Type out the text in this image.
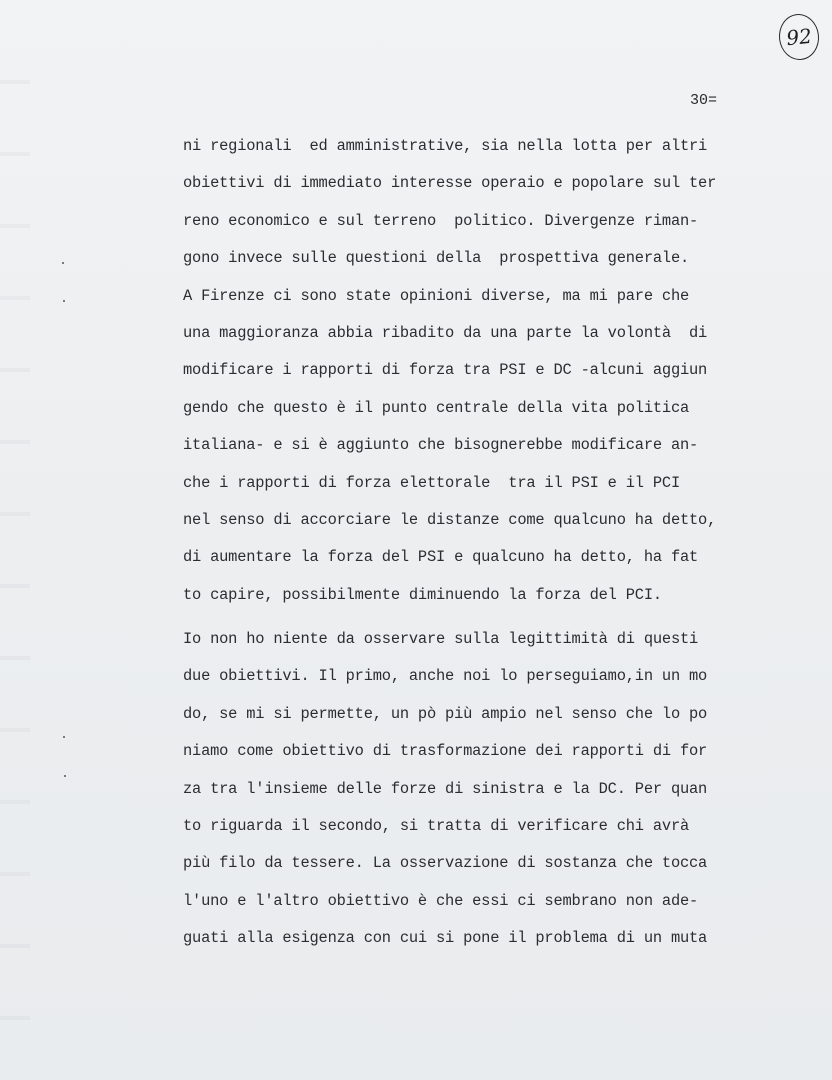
92
30=
ni regionali  ed amministrative, sia nella lotta per altri
obiettivi di immediato interesse operaio e popolare sul ter
reno economico e sul terreno  politico. Divergenze riman-
gono invece sulle questioni della  prospettiva generale.
A Firenze ci sono state opinioni diverse, ma mi pare che
una maggioranza abbia ribadito da una parte la volontà  di
modificare i rapporti di forza tra PSI e DC -alcuni aggiun
gendo che questo è il punto centrale della vita politica
italiana- e si è aggiunto che bisognerebbe modificare an-
che i rapporti di forza elettorale  tra il PSI e il PCI
nel senso di accorciare le distanze come qualcuno ha detto,
di aumentare la forza del PSI e qualcuno ha detto, ha fat
to capire, possibilmente diminuendo la forza del PCI.
Io non ho niente da osservare sulla legittimità di questi
due obiettivi. Il primo, anche noi lo perseguiamo,in un mo
do, se mi si permette, un pò più ampio nel senso che lo po
niamo come obiettivo di trasformazione dei rapporti di for
za tra l'insieme delle forze di sinistra e la DC. Per quan
to riguarda il secondo, si tratta di verificare chi avrà
più filo da tessere. La osservazione di sostanza che tocca
l'uno e l'altro obiettivo è che essi ci sembrano non ade-
guati alla esigenza con cui si pone il problema di un muta
